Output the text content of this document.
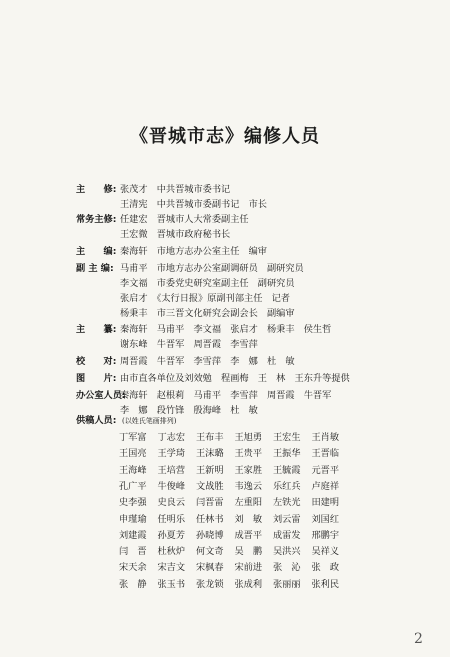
《晋城市志》编修人员
主　　修: 张茂才　中共晋城市委书记
王清宪　中共晋城市委副书记　市长
常务主修: 任建宏　晋城市人大常委副主任
王宏微　晋城市政府秘书长
主　　编: 秦海轩　市地方志办公室主任　编审
副 主 编: 马甫平　市地方志办公室副调研员　副研究员
李文福　市委党史研究室副主任　副研究员
张启才　《太行日报》原副刊部主任　记者
杨秉丰　市三晋文化研究会副会长　副编审
主　　纂: 秦海轩　马甫平　李文福　张启才　杨秉丰　侯生哲
谢东峰　牛晋军　周晋霞　李雪萍
校　　对: 周晋霞　牛晋军　李雪萍　李　娜　杜　敏
图　　片: 由市直各单位及刘效勉　程画梅　王　林　王东升等提供
办公室人员:
秦海轩　赵根莉　马甫平　李雪萍　周晋霞　牛晋军
李　娜　段竹锋　殷海峰　杜　敏
供稿人员: (以姓氏笔画排列)
丁军富 丁志宏 王布丰 王旭勇 王宏生 王肖敏
王国亮 王学琦 王沫璐 王贵平 王振华 王晋临
王海峰 王培营 王新明 王家胜 王毓霞 元晋平
孔广平 牛俊峰 文战胜 韦逸云 乐红兵 卢庭祥
史李强 史良云 闫晋雷 左重阳 左铁光 田建明
申瑾瑜 任明乐 任林书 刘　敏 刘云雷 刘国红
刘建霞 孙夏芳 孙晓博 成晋平 成雷发 邢鹏宇
闫　晋 杜秋炉 何文奇 吴　鹏 吴洪兴 吴祥义
宋天余 宋吉文 宋枫春 宋前进 张　沁 张　政
张　静 张玉书 张龙锁 张成利 张丽丽 张利民
2
